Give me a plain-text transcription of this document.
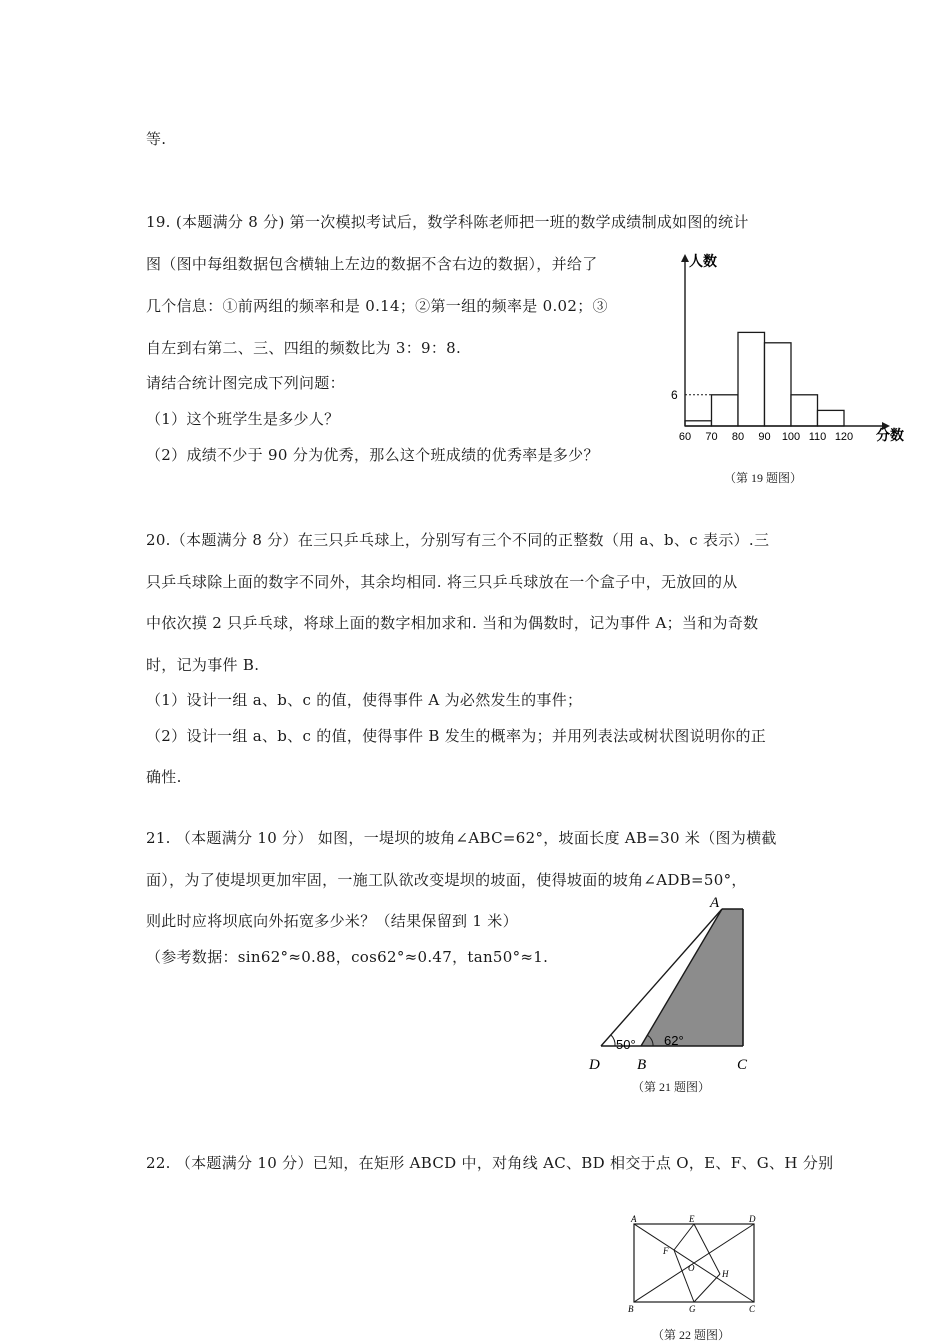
等.
19. (本题满分 8 分) 第一次模拟考试后，数学科陈老师把一班的数学成绩制成如图的统计
图（图中每组数据包含横轴上左边的数据不含右边的数据），并给了
几个信息：①前两组的频率和是 0.14；②第一组的频率是 0.02；③
自左到右第二、三、四组的频数比为 3：9：8.
请结合统计图完成下列问题：
（1）这个班学生是多少人？
（2）成绩不少于 90 分为优秀，那么这个班成绩的优秀率是多少？
6
60 70 80 90 100 110 120
人数
分数
（第 19 题图）
20.（本题满分 8 分）在三只乒乓球上，分别写有三个不同的正整数（用 a、b、c 表示）.三
只乒乓球除上面的数字不同外，其余均相同. 将三只乒乓球放在一个盒子中，无放回的从
中依次摸 2 只乒乓球，将球上面的数字相加求和. 当和为偶数时，记为事件 A；当和为奇数
时，记为事件 B.
（1）设计一组 a、b、c 的值，使得事件 A 为必然发生的事件；
（2）设计一组 a、b、c 的值，使得事件 B 发生的概率为；并用列表法或树状图说明你的正
确性.
21. （本题满分 10 分） 如图，一堤坝的坡角∠ABC=62°，坡面长度 AB=30 米（图为横截
面），为了使堤坝更加牢固，一施工队欲改变堤坝的坡面，使得坡面的坡角∠ADB=50°，
则此时应将坝底向外拓宽多少米？（结果保留到 1 米）
（参考数据：sin62°≈0.88，cos62°≈0.47，tan50°≈1.
50° 62°
A
D B	C
（第 21 题图）
22. （本题满分 10 分）已知，在矩形 ABCD 中，对角线 AC、BD 相交于点 O，E、F、G、H 分别
A	E	D
F
O
H
B	G	C
（第 22 题图）
